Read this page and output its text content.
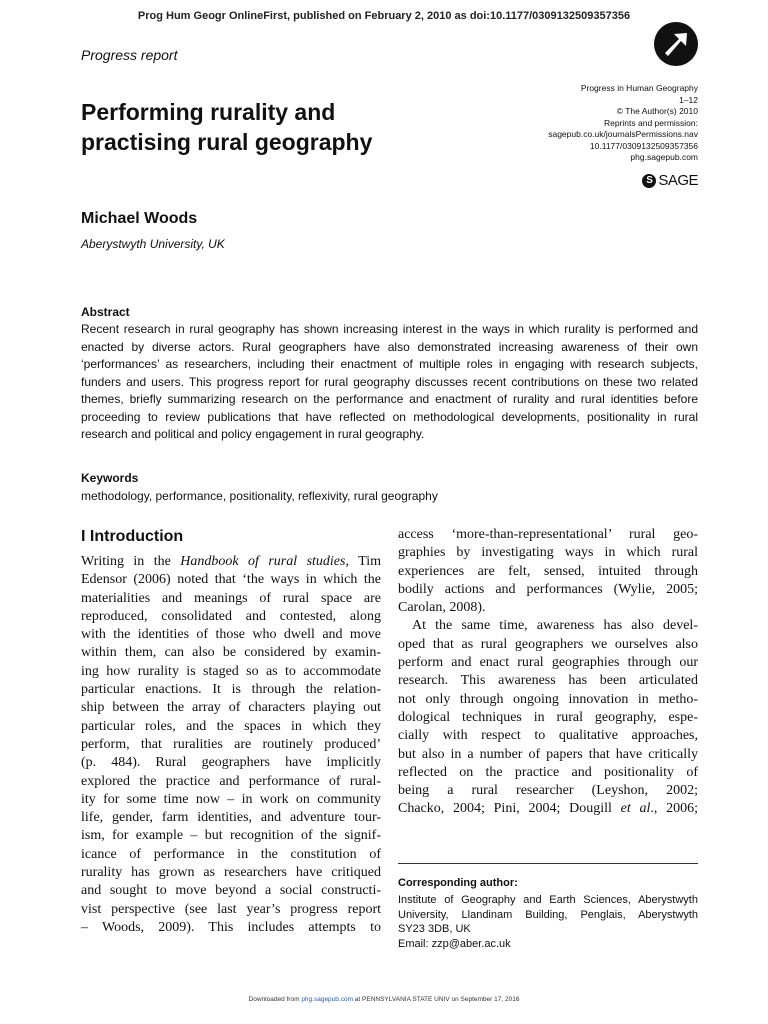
Prog Hum Geogr OnlineFirst, published on February 2, 2010 as doi:10.1177/0309132509357356
Progress report
Performing rurality and
practising rural geography
Progress in Human Geography
1–12
© The Author(s) 2010
Reprints and permission:
sagepub.co.uk/journalsPermissions.nav
10.1177/0309132509357356
phg.sagepub.com
S SAGE
Michael Woods
Aberystwyth University, UK
Abstract
Recent research in rural geography has shown increasing interest in the ways in which rurality is performed and enacted by diverse actors. Rural geographers have also demonstrated increasing awareness of their own ‘performances’ as researchers, including their enactment of multiple roles in engaging with research subjects, funders and users. This progress report for rural geography discusses recent contributions on these two related themes, briefly summarizing research on the performance and enactment of rurality and rural identities before proceeding to review publications that have reflected on methodological developments, positionality in rural research and political and policy engagement in rural geography.
Keywords
methodology, performance, positionality, reflexivity, rural geography
I Introduction
Writing in the Handbook of rural studies, Tim
Edensor (2006) noted that ‘the ways in which the
materialities and meanings of rural space are
reproduced, consolidated and contested, along
with the identities of those who dwell and move
within them, can also be considered by examin-
ing how rurality is staged so as to accommodate
particular enactions. It is through the relation-
ship between the array of characters playing out
particular roles, and the spaces in which they
perform, that ruralities are routinely produced’
(p. 484). Rural geographers have implicitly
explored the practice and performance of rural-
ity for some time now – in work on community
life, gender, farm identities, and adventure tour-
ism, for example – but recognition of the signif-
icance of performance in the constitution of
rurality has grown as researchers have critiqued
and sought to move beyond a social constructi-
vist perspective (see last year’s progress report
– Woods, 2009). This includes attempts to
access ‘more-than-representational’ rural geo-
graphies by investigating ways in which rural
experiences are felt, sensed, intuited through
bodily actions and performances (Wylie, 2005;
Carolan, 2008).
At the same time, awareness has also devel-
oped that as rural geographers we ourselves also
perform and enact rural geographies through our
research. This awareness has been articulated
not only through ongoing innovation in metho-
dological techniques in rural geography, espe-
cially with respect to qualitative approaches,
but also in a number of papers that have critically
reflected on the practice and positionality of
being a rural researcher (Leyshon, 2002;
Chacko, 2004; Pini, 2004; Dougill et al., 2006;
Corresponding author:
Institute of Geography and Earth Sciences, Aberystwyth
University, Llandinam Building, Penglais, Aberystwyth
SY23 3DB, UK
Email: zzp@aber.ac.uk
Downloaded from phg.sagepub.com at PENNSYLVANIA STATE UNIV on September 17, 2016
